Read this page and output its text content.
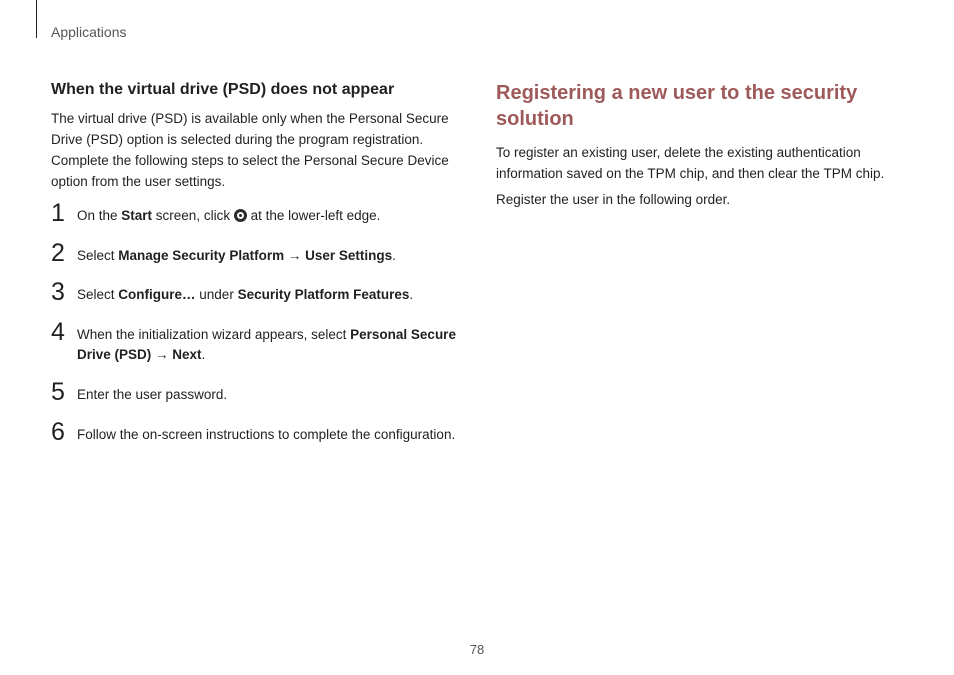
Applications
When the virtual drive (PSD) does not appear

The virtual drive (PSD) is available only when the Personal Secure Drive (PSD) option is selected during the program registration. Complete the following steps to select the Personal Secure Device option from the user settings.

1 On the Start screen, click  at the lower-left edge.
2 Select Manage Security Platform → User Settings.
3 Select Configure… under Security Platform Features.
4 When the initialization wizard appears, select Personal Secure Drive (PSD) → Next.
5 Enter the user password.
6 Follow the on-screen instructions to complete the configuration.
Registering a new user to the security solution

To register an existing user, delete the existing authentication information saved on the TPM chip, and then clear the TPM chip.

Register the user in the following order.

78
